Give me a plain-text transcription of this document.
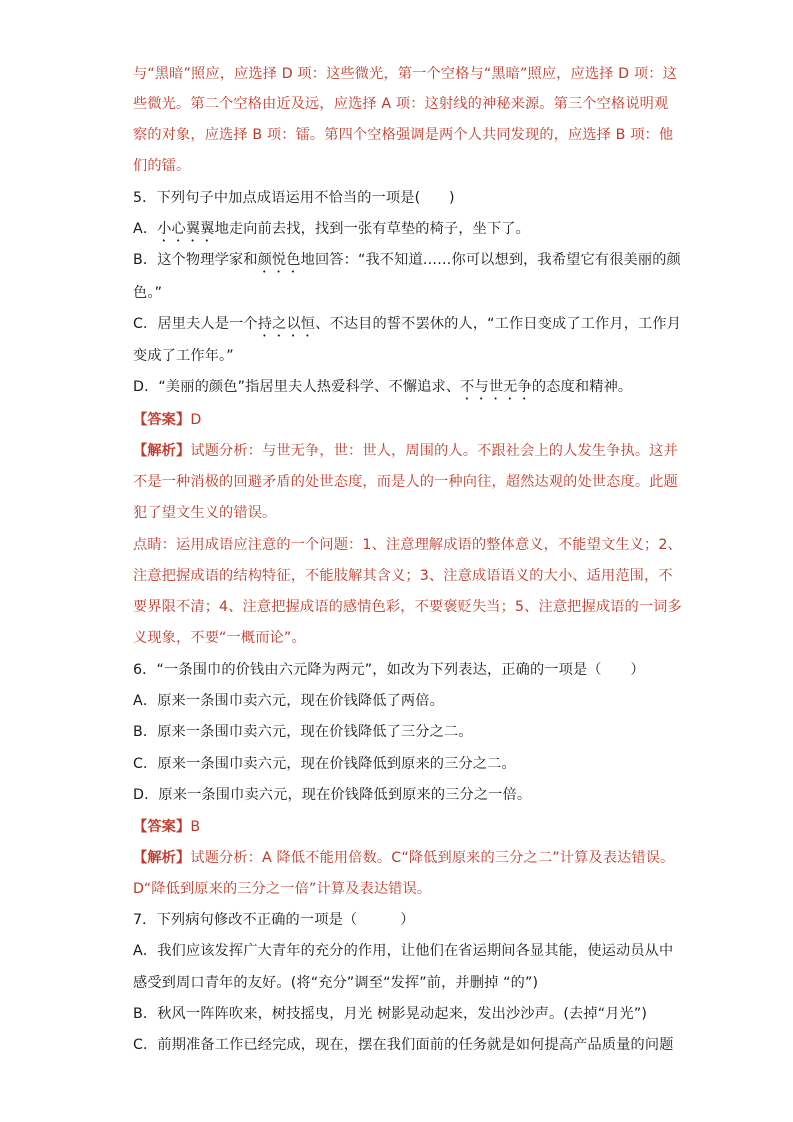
与“黑暗”照应，应选择 D 项：这些微光，第一个空格与“黑暗”照应，应选择 D 项：这
些微光。第二个空格由近及远，应选择 A 项：这射线的神秘来源。第三个空格说明观
察的对象，应选择 B 项：镭。第四个空格强调是两个人共同发现的，应选择 B 项：他
们的镭。
5．下列句子中加点成语运用不恰当的一项是(　　)
A．小心翼翼地走向前去找，找到一张有草垫的椅子，坐下了。
B．这个物理学家和颜悦色地回答：“我不知道……你可以想到，我希望它有很美丽的颜
色。”
C．居里夫人是一个持之以恒、不达目的誓不罢休的人，“工作日变成了工作月，工作月
变成了工作年。”
D．“美丽的颜色”指居里夫人热爱科学、不懈追求、不与世无争的态度和精神。
【答案】D
【解析】试题分析：与世无争，世：世人，周围的人。不跟社会上的人发生争执。这并
不是一种消极的回避矛盾的处世态度，而是人的一种向往，超然达观的处世态度。此题
犯了望文生义的错误。
点睛：运用成语应注意的一个问题：1、注意理解成语的整体意义，不能望文生义；2、
注意把握成语的结构特征，不能肢解其含义；3、注意成语语义的大小、适用范围，不
要界限不清；4、注意把握成语的感情色彩，不要褒贬失当；5、注意把握成语的一词多
义现象，不要“一概而论”。
6．“一条围巾的价钱由六元降为两元”，如改为下列表达，正确的一项是（　　）
A．原来一条围巾卖六元，现在价钱降低了两倍。
B．原来一条围巾卖六元，现在价钱降低了三分之二。
C．原来一条围巾卖六元，现在价钱降低到原来的三分之二。
D．原来一条围巾卖六元，现在价钱降低到原来的三分之一倍。
【答案】B
【解析】试题分析：A 降低不能用倍数。C“降低到原来的三分之二”计算及表达错误。
D“降低到原来的三分之一倍”计算及表达错误。
7．下列病句修改不正确的一项是（　　　）
A．我们应该发挥广大青年的充分的作用，让他们在省运期间各显其能，使运动员从中
感受到周口青年的友好。(将“充分”调至“发挥”前，并删掉 “的”)
B．秋风一阵阵吹来，树技摇曳，月光 树影晃动起来，发出沙沙声。(去掉“月光”)
C．前期准备工作已经完成，现在，摆在我们面前的任务就是如何提高产品质量的问题
